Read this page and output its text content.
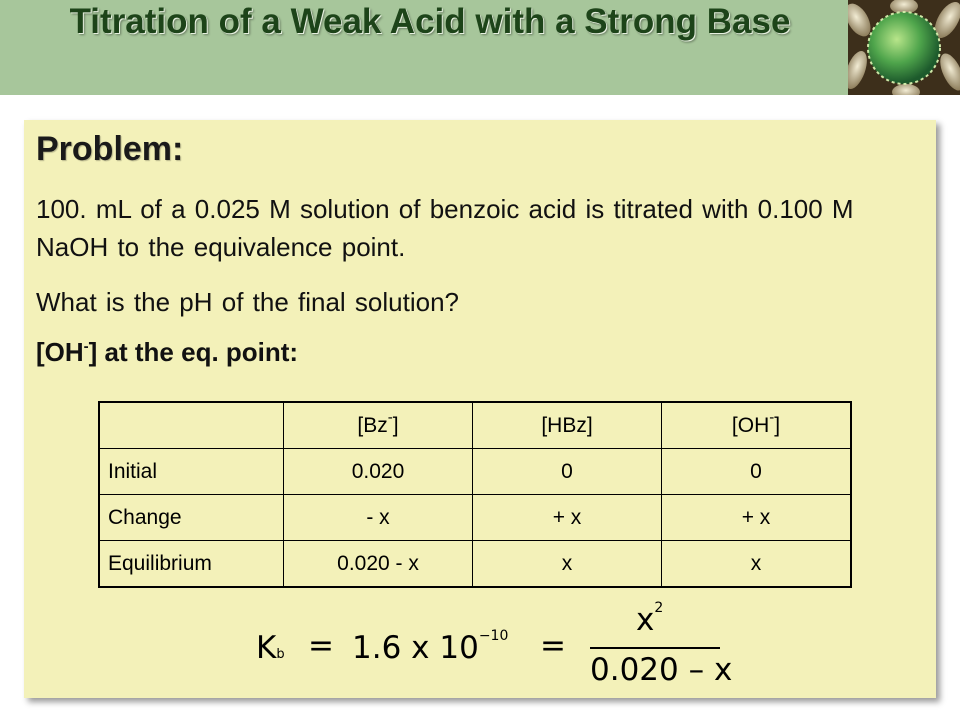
Titration of a Weak Acid with a Strong Base
Problem:

100. mL of a 0.025 M solution of benzoic acid is titrated with 0.100 M NaOH to the equivalence point.

What is the pH of the final solution?

[OH-] at the eq. point:
	[Bz-]	[HBz]	[OH-]
Initial	0.020	0	0
Change	- x	+ x	+ x
Equilibrium	0.020 - x	x	x
Kb = 1.6 x $10^{-10}$ =
$x^2$
0.020 – x
